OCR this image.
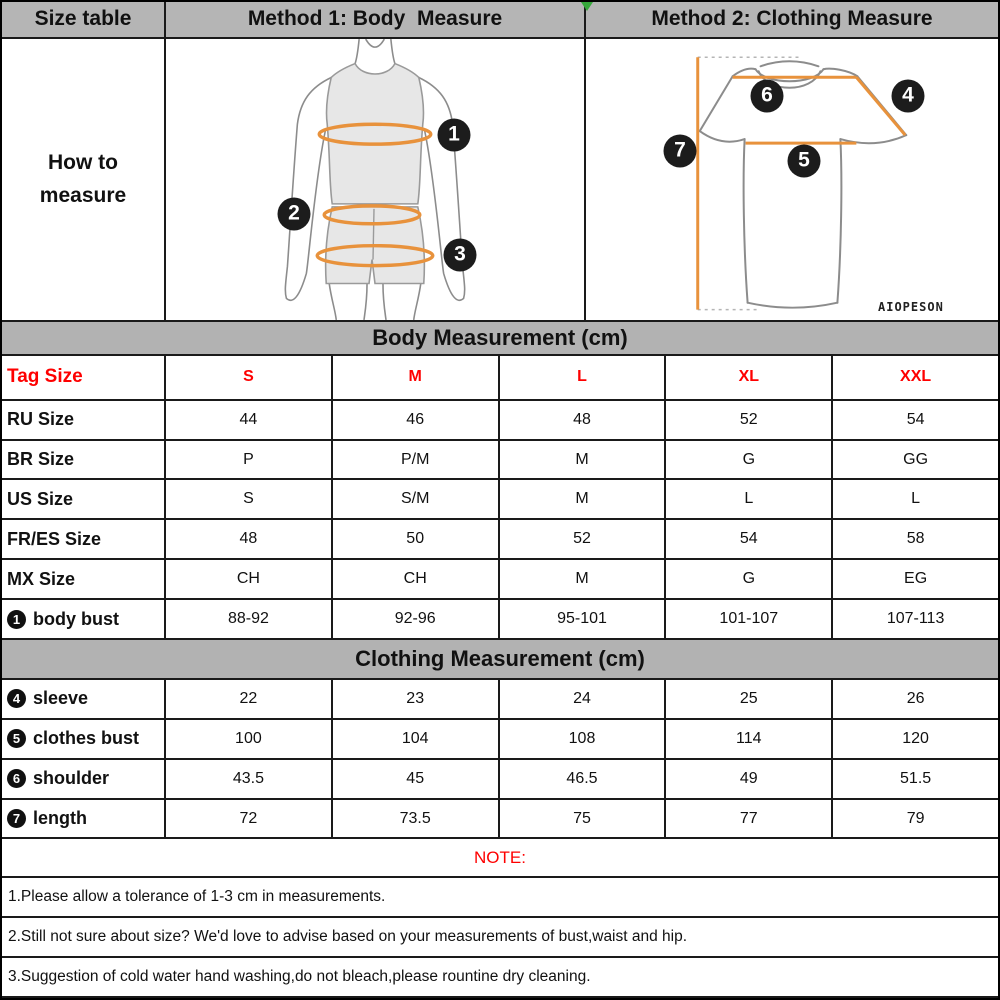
Size table	Method 1: Body  Measure	Method 2: Clothing Measure
How to
measure
1
2
3
4
5
6
7
AIOPESON
Body Measurement (cm)
Tag Size	S	M	L	XL	XXL
RU Size	44	46	48	52	54
BR Size	P	P/M	M	G	GG
US Size	S	S/M	M	L	L
FR/ES Size	48	50	52	54	58
MX Size	CH	CH	M	G	EG
1 body bust	88-92	92-96	95-101	101-107	107-113
Clothing Measurement (cm)
4 sleeve	22	23	24	25	26
5 clothes bust	100	104	108	114	120
6 shoulder	43.5	45	46.5	49	51.5
7 length	72	73.5	75	77	79
NOTE:
1.Please allow a tolerance of 1-3 cm in measurements.
2.Still not sure about size? We'd love to advise based on your measurements of bust,waist and hip.
3.Suggestion of cold water hand washing,do not bleach,please rountine dry cleaning.
